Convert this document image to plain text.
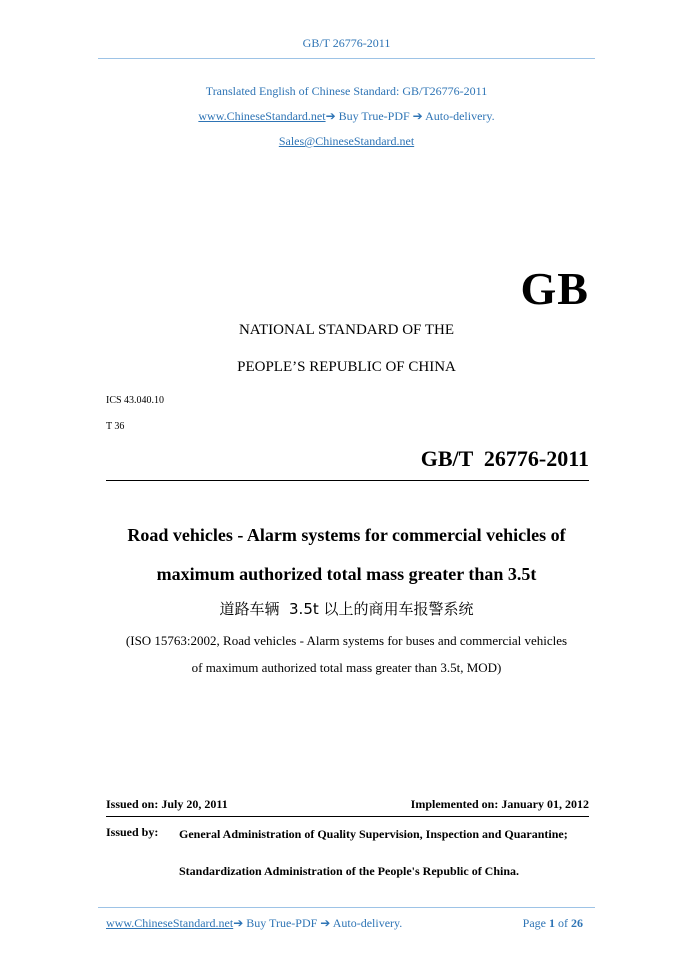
GB/T 26776-2011
Translated English of Chinese Standard: GB/T26776-2011
www.ChineseStandard.net➔ Buy True-PDF ➔ Auto-delivery.
Sales@ChineseStandard.net
GB
NATIONAL STANDARD OF THE
PEOPLE’S REPUBLIC OF CHINA
ICS 43.040.10
T 36
GB/T  26776-2011
Road vehicles - Alarm systems for commercial vehicles of
maximum authorized total mass greater than 3.5t
道路车辆  3.5t 以上的商用车报警系统
(ISO 15763:2002, Road vehicles - Alarm systems for buses and commercial vehicles
of maximum authorized total mass greater than 3.5t, MOD)
Issued on: July 20, 2011	Implemented on: January 01, 2012
Issued by: General Administration of Quality Supervision, Inspection and Quarantine;
Standardization Administration of the People's Republic of China.
www.ChineseStandard.net➔ Buy True-PDF ➔ Auto-delivery.	Page 1 of 26
